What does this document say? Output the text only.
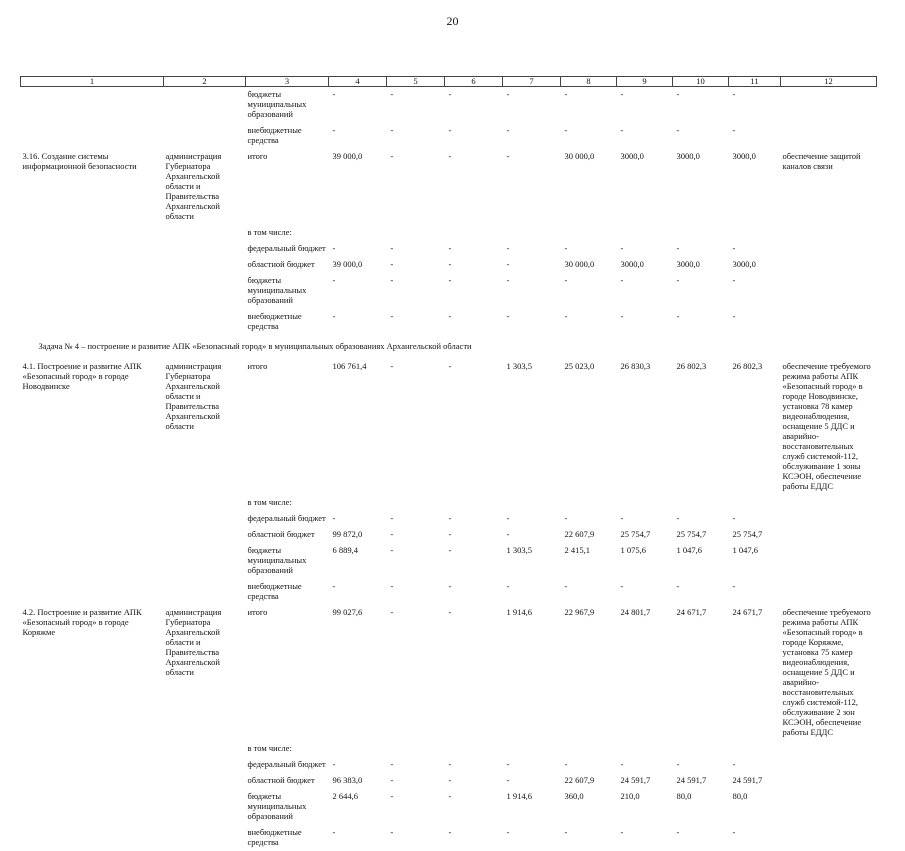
20
1	2	3	4	5	6	7	8	9	10	11	12
		бюджеты муниципальных образований	-	-	-	-	-	-	-	-	
		внебюджетные средства	-	-	-	-	-	-	-	-	
3.16. Создание системы информационной безопасности	администрация Губернатора Архангельской области и Правительства Архангельской области	итого	39 000,0	-	-	-	30 000,0	3000,0	3000,0	3000,0	обеспечение защитой каналов связи
		в том числе:									
		федеральный бюджет	-	-	-	-	-	-	-	-	
		областной бюджет	39 000,0	-	-	-	30 000,0	3000,0	3000,0	3000,0	
		бюджеты муниципальных образований	-	-	-	-	-	-	-	-	
		внебюджетные средства	-	-	-	-	-	-	-	-	
Задача № 4 – построение и развитие АПК «Безопасный город» в муниципальных образованиях Архангельской области											
4.1. Построение и развитие АПК «Безопасный город» в городе Новодвинске	администрация Губернатора Архангельской области и Правительства Архангельской области	итого	106 761,4	-	-	1 303,5	25 023,0	26 830,3	26 802,3	26 802,3	обеспечение требуемого режима работы АПК «Безопасный город» в городе Новодвинске, установка 78 камер видеонаблюдения, оснащение 5 ДДС и аварийно-восстановительных служб системой-112, обслуживание 1 зоны КСЭОН, обеспечение работы ЕДДС
		в том числе:									
		федеральный бюджет	-	-	-	-	-	-	-	-	
		областной бюджет	99 872,0	-	-	-	22 607,9	25 754,7	25 754,7	25 754,7	
		бюджеты муниципальных образований	6 889,4	-	-	1 303,5	2 415,1	1 075,6	1 047,6	1 047,6	
		внебюджетные средства	-	-	-	-	-	-	-	-	
4.2. Построение и развитие АПК «Безопасный город» в городе Коряжме	администрация Губернатора Архангельской области и Правительства Архангельской области	итого	99 027,6	-	-	1 914,6	22 967,9	24 801,7	24 671,7	24 671,7	обеспечение требуемого режима работы АПК «Безопасный город» в городе Коряжме, установка 75 камер видеонаблюдения, оснащение 5 ДДС и аварийно-восстановительных служб системой-112, обслуживание 2 зон КСЭОН, обеспечение работы ЕДДС
		в том числе:									
		федеральный бюджет	-	-	-	-	-	-	-	-	
		областной бюджет	96 383,0	-	-	-	22 607,9	24 591,7	24 591,7	24 591,7	
		бюджеты муниципальных образований	2 644,6	-	-	1 914,6	360,0	210,0	80,0	80,0	
		внебюджетные средства	-	-	-	-	-	-	-	-	
